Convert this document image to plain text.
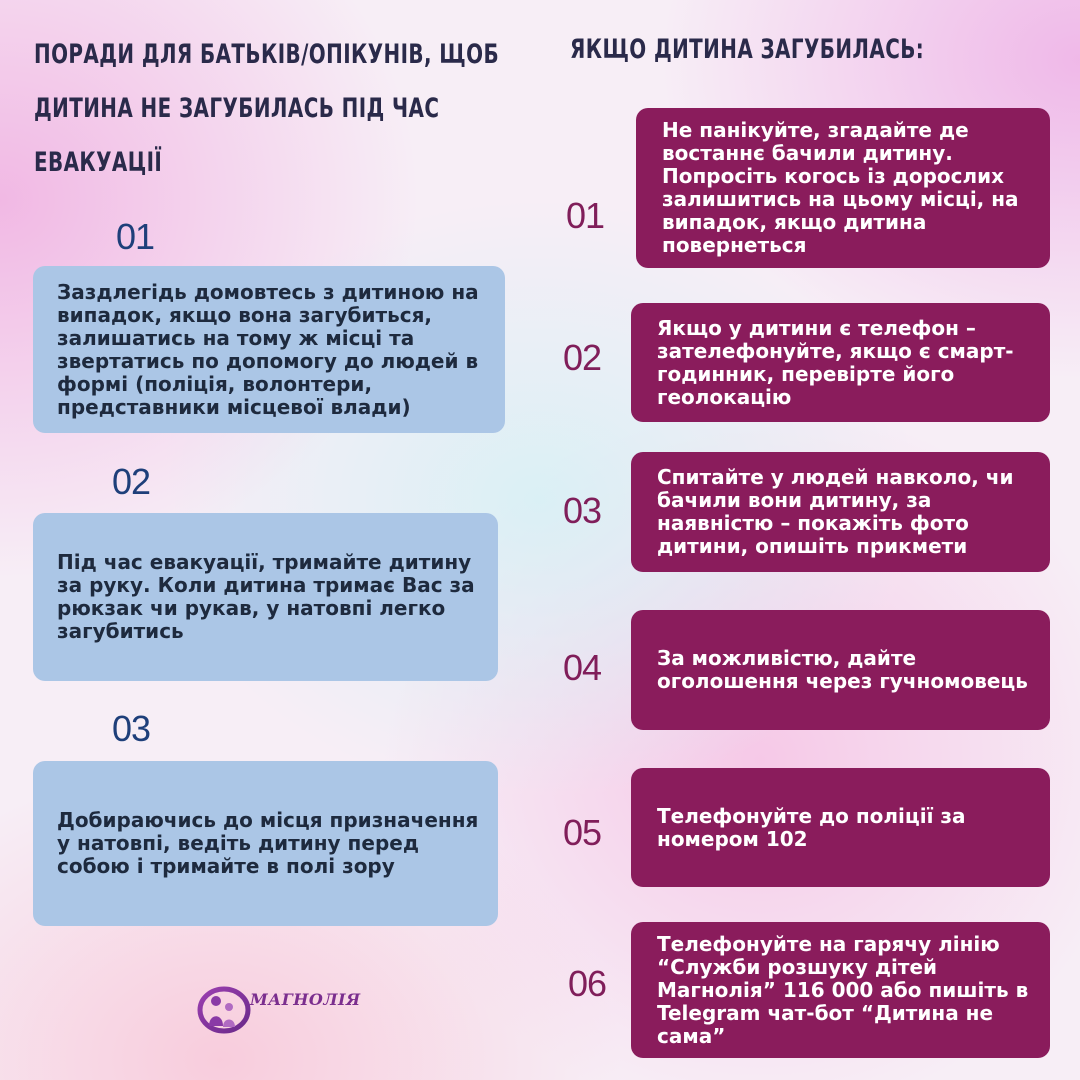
ПОРАДИ ДЛЯ БАТЬКІВ/ОПІКУНІВ, ЩОБ ДИТИНА НЕ ЗАГУБИЛАСЬ ПІД ЧАС ЕВАКУАЦІЇ
ЯКЩО ДИТИНА ЗАГУБИЛАСЬ:
01

Заздлегідь домовтесь з дитиною на випадок, якщо вона загубиться, залишатись на тому ж місці та звертатись по допомогу до людей в формі (поліція, волонтери, представники місцевої влади)

02

Під час евакуації, тримайте дитину за руку. Коли дитина тримає Вас за рюкзак чи рукав, у натовпі легко загубитись

03

Добираючись до місця призначення у натовпі, ведіть дитину перед собою і тримайте в полі зору

01

Не панікуйте, згадайте де востаннє бачили дитину. Попросіть когось із дорослих залишитись на цьому місці, на випадок, якщо дитина повернеться

02

Якщо у дитини є телефон – зателефонуйте, якщо є смарт-годинник, перевірте його геолокацію

03

Спитайте у людей навколо, чи бачили вони дитину, за наявністю – покажіть фото дитини, опишіть прикмети

04	За можливістю, дайте оголошення через гучномовець

05	Телефонуйте до поліції за номером 102

06

Телефонуйте на гарячу лінію “Служби розшуку дітей Магнолія” 116 000 або пишіть в Telegram чат-бот “Дитина не сама”

МАГНОЛІЯ
